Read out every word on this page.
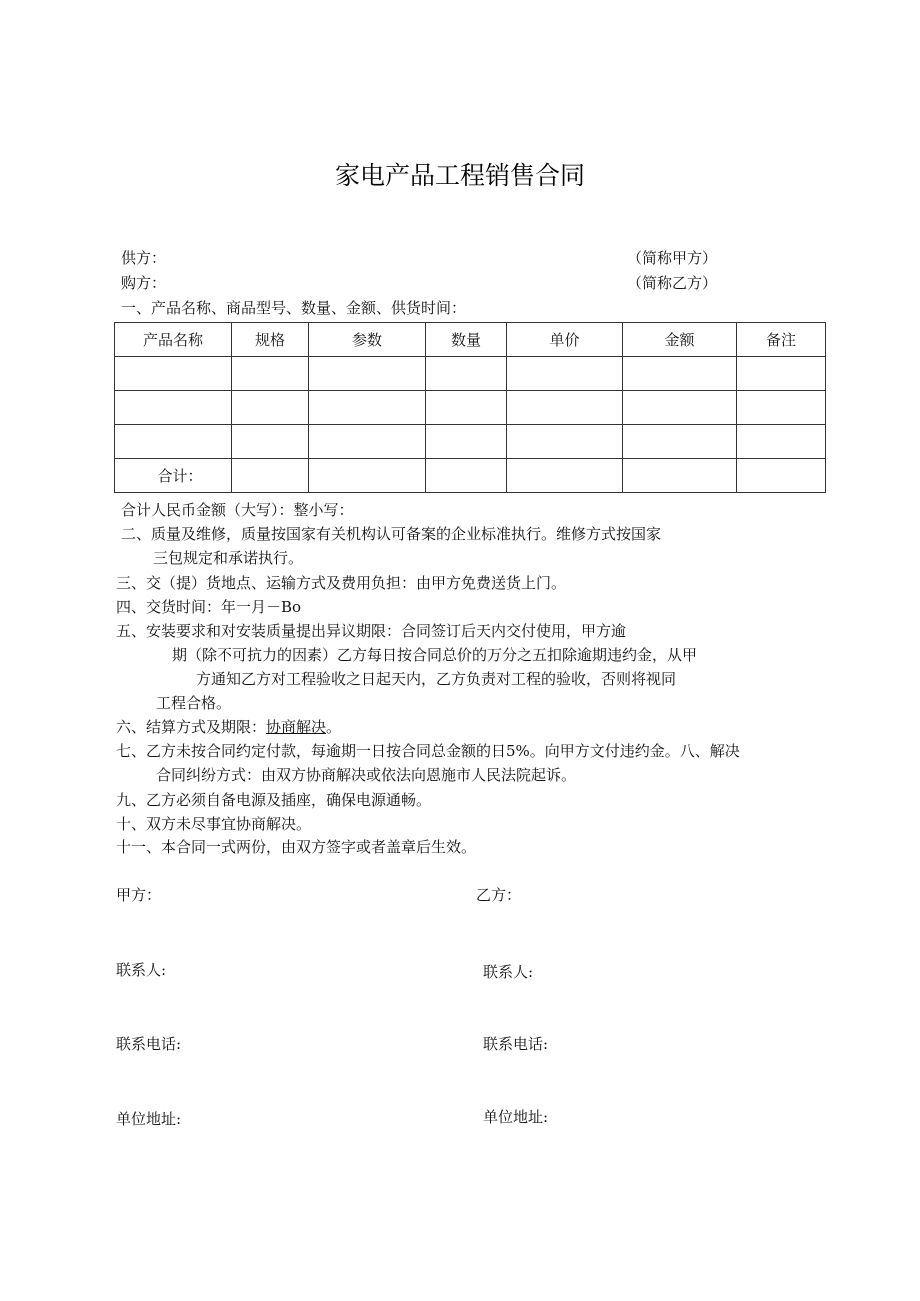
家电产品工程销售合同
供方：	（简称甲方）
购方：	（简称乙方）
一、产品名称、商品型号、数量、金额、供货时间：
产品名称	规格	参数	数量	单价	金额	备注

合计：						
合计人民币金额（大写）：整小写：
二、质量及维修，质量按国家有关机构认可备案的企业标准执行。维修方式按国家
三包规定和承诺执行。
三、交（提）货地点、运输方式及费用负担：由甲方免费送货上门。
四、交货时间：年一月－Bo
五、安装要求和对安装质量提出异议期限：合同签订后天内交付使用，甲方逾
期（除不可抗力的因素）乙方每日按合同总价的万分之五扣除逾期违约金，从甲
方通知乙方对工程验收之日起天内，乙方负责对工程的验收，否则将视同
工程合格。
六、结算方式及期限：协商解决。
七、乙方未按合同约定付款，每逾期一日按合同总金额的日5%。向甲方文付违约金。八、解决
合同纠纷方式：由双方协商解决或依法向恩施市人民法院起诉。
九、乙方必须自备电源及插座，确保电源通畅。
十、双方未尽事宜协商解决。
十一、本合同一式两份，由双方签字或者盖章后生效。
甲方：	乙方：
联系人:	联系人:
联系电话:	联系电话:
单位地址:	单位地址:
